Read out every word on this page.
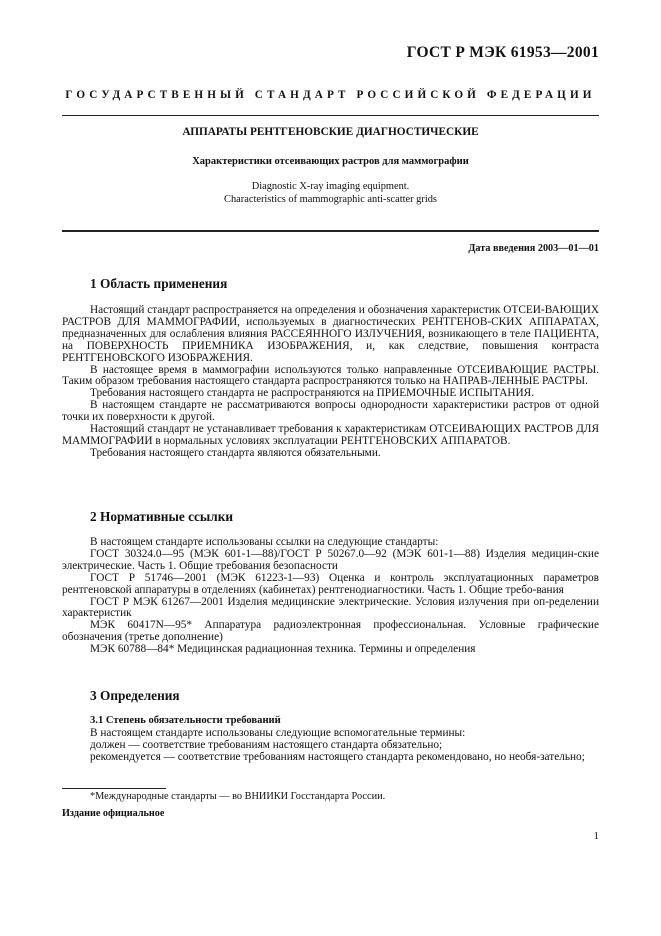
ГОСТ Р МЭК 61953—2001
ГОСУДАРСТВЕННЫЙ СТАНДАРТ РОССИЙСКОЙ ФЕДЕРАЦИИ
АППАРАТЫ РЕНТГЕНОВСКИЕ ДИАГНОСТИЧЕСКИЕ
Характеристики отсеивающих растров для маммографии
Diagnostic X-ray imaging equipment.
Characteristics of mammographic anti-scatter grids
Дата введения 2003—01—01
1 Область применения

Настоящий стандарт распространяется на определения и обозначения характеристик ОТСЕИ-ВАЮЩИХ РАСТРОВ ДЛЯ МАММОГРАФИИ, используемых в диагностических РЕНТГЕНОВ-СКИХ АППАРАТАХ, предназначенных для ослабления влияния РАССЕЯННОГО ИЗЛУЧЕНИЯ, возникающего в теле ПАЦИЕНТА, на ПОВЕРХНОСТЬ ПРИЕМНИКА ИЗОБРАЖЕНИЯ, и, как следствие, повышения контраста РЕНТГЕНОВСКОГО ИЗОБРАЖЕНИЯ.

В настоящее время в маммографии используются только направленные ОТСЕИВАЮЩИЕ РАСТРЫ. Таким образом требования настоящего стандарта распространяются только на НАПРАВ-ЛЕННЫЕ РАСТРЫ.

Требования настоящего стандарта не распространяются на ПРИЕМОЧНЫЕ ИСПЫТАНИЯ.

В настоящем стандарте не рассматриваются вопросы однородности характеристики растров от одной точки их поверхности к другой.

Настоящий стандарт не устанавливает требования к характеристикам ОТСЕИВАЮЩИХ РАСТРОВ ДЛЯ МАММОГРАФИИ в нормальных условиях эксплуатации РЕНТГЕНОВСКИХ АППАРАТОВ.

Требования настоящего стандарта являются обязательными.

2 Нормативные ссылки

В настоящем стандарте использованы ссылки на следующие стандарты:

ГОСТ 30324.0—95 (МЭК 601-1—88)/ГОСТ Р 50267.0—92 (МЭК 601-1—88) Изделия медицин-ские электрические. Часть 1. Общие требования безопасности

ГОСТ Р 51746—2001 (МЭК 61223-1—93) Оценка и контроль эксплуатационных параметров рентгеновской аппаратуры в отделениях (кабинетах) рентгенодиагностики. Часть 1. Общие требо-вания

ГОСТ Р МЭК 61267—2001 Изделия медицинские электрические. Условия излучения при оп-ределении характеристик

МЭК 60417N—95* Аппаратура радиоэлектронная профессиональная. Условные графические обозначения (третье дополнение)

МЭК 60788—84* Медицинская радиационная техника. Термины и определения

3 Определения
3.1 Степень обязательности требований

В настоящем стандарте использованы следующие вспомогательные термины:

должен — соответствие требованиям настоящего стандарта обязательно;

рекомендуется — соответствие требованиям настоящего стандарта рекомендовано, но необя-зательно;

*Международные стандарты — во ВНИИКИ Госстандарта России.
Издание официальное
1
